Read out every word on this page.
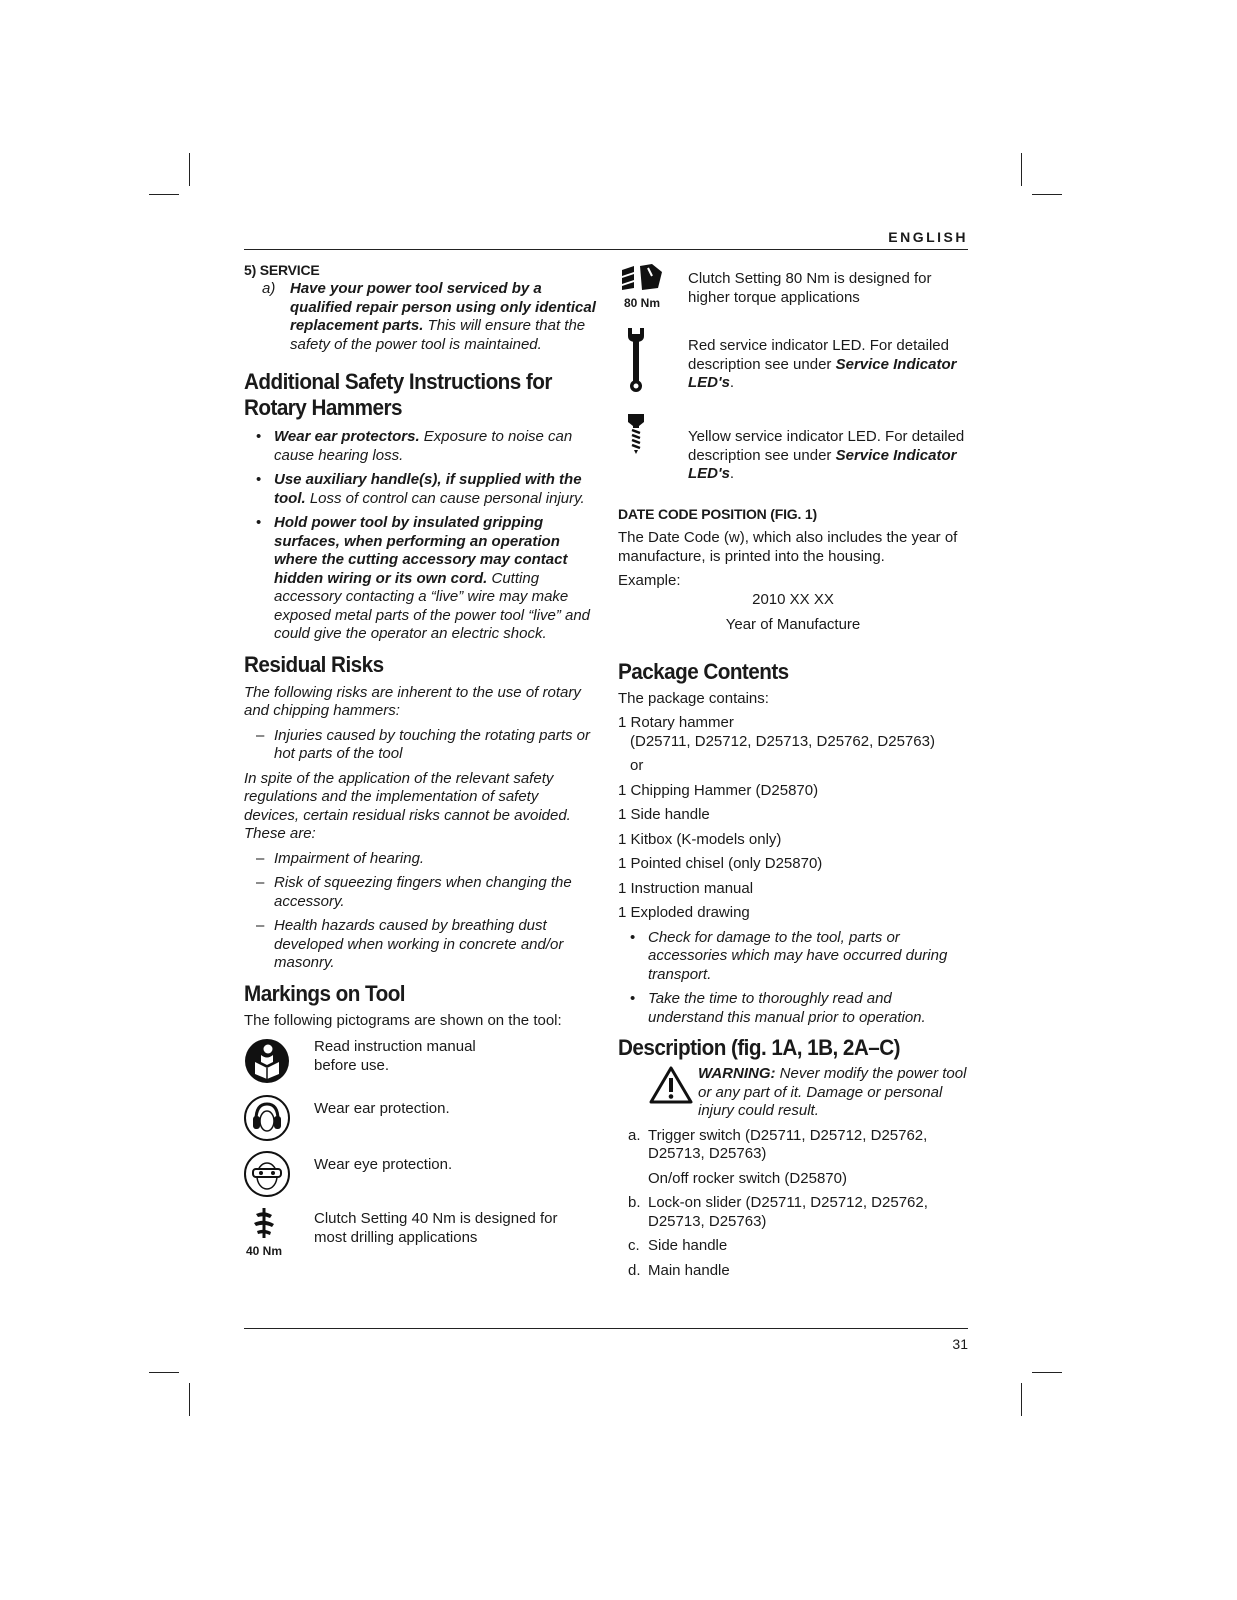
ENGLISH
31
5) SERVICE
a) Have your power tool serviced by a qualified repair person using only identical replacement parts. This will ensure that the safety of the power tool is maintained.

Additional Safety Instructions for
Rotary Hammers
• Wear ear protectors. Exposure to noise can cause hearing loss.
• Use auxiliary handle(s), if supplied with the tool. Loss of control can cause personal injury.
• Hold power tool by insulated gripping surfaces, when performing an operation where the cutting accessory may contact hidden wiring or its own cord. Cutting accessory contacting a “live” wire may make exposed metal parts of the power tool “live” and could give the operator an electric shock.
Residual Risks

The following risks are inherent to the use of rotary and chipping hammers:

– Injuries caused by touching the rotating parts or hot parts of the tool

In spite of the application of the relevant safety regulations and the implementation of safety devices, certain residual risks cannot be avoided. These are:

– Impairment of hearing.
– Risk of squeezing fingers when changing the accessory.
– Health hazards caused by breathing dust developed when working in concrete and/or masonry.
Markings on Tool

The following pictograms are shown on the tool:

Read instruction manual
before use.
Wear ear protection.
Wear eye protection.
40 Nm
Clutch Setting 40 Nm is designed for
most drilling applications
80 Nm
Clutch Setting 80 Nm is designed for
higher torque applications

Red service indicator LED. For detailed description see under Service Indicator LED's.

Yellow service indicator LED. For detailed description see under Service Indicator LED's.

DATE CODE POSITION (FIG. 1)

The Date Code (w), which also includes the year of manufacture, is printed into the housing.

Example:

2010 XX XX

Year of Manufacture

Package Contents

The package contains:

1 Rotary hammer

(D25711, D25712, D25713, D25762, D25763)

or

1 Chipping Hammer (D25870)

1 Side handle

1 Kitbox (K-models only)

1 Pointed chisel (only D25870)

1 Instruction manual

1 Exploded drawing

• Check for damage to the tool, parts or accessories which may have occurred during transport.
• Take the time to thoroughly read and understand this manual prior to operation.
Description (fig. 1A, 1B, 2A–C)

WARNING: Never modify the power tool or any part of it. Damage or personal injury could result.

a. Trigger switch (D25711, D25712, D25762, D25713, D25763)
On/off rocker switch (D25870)
b. Lock-on slider (D25711, D25712, D25762, D25713, D25763)
c. Side handle
d. Main handle
